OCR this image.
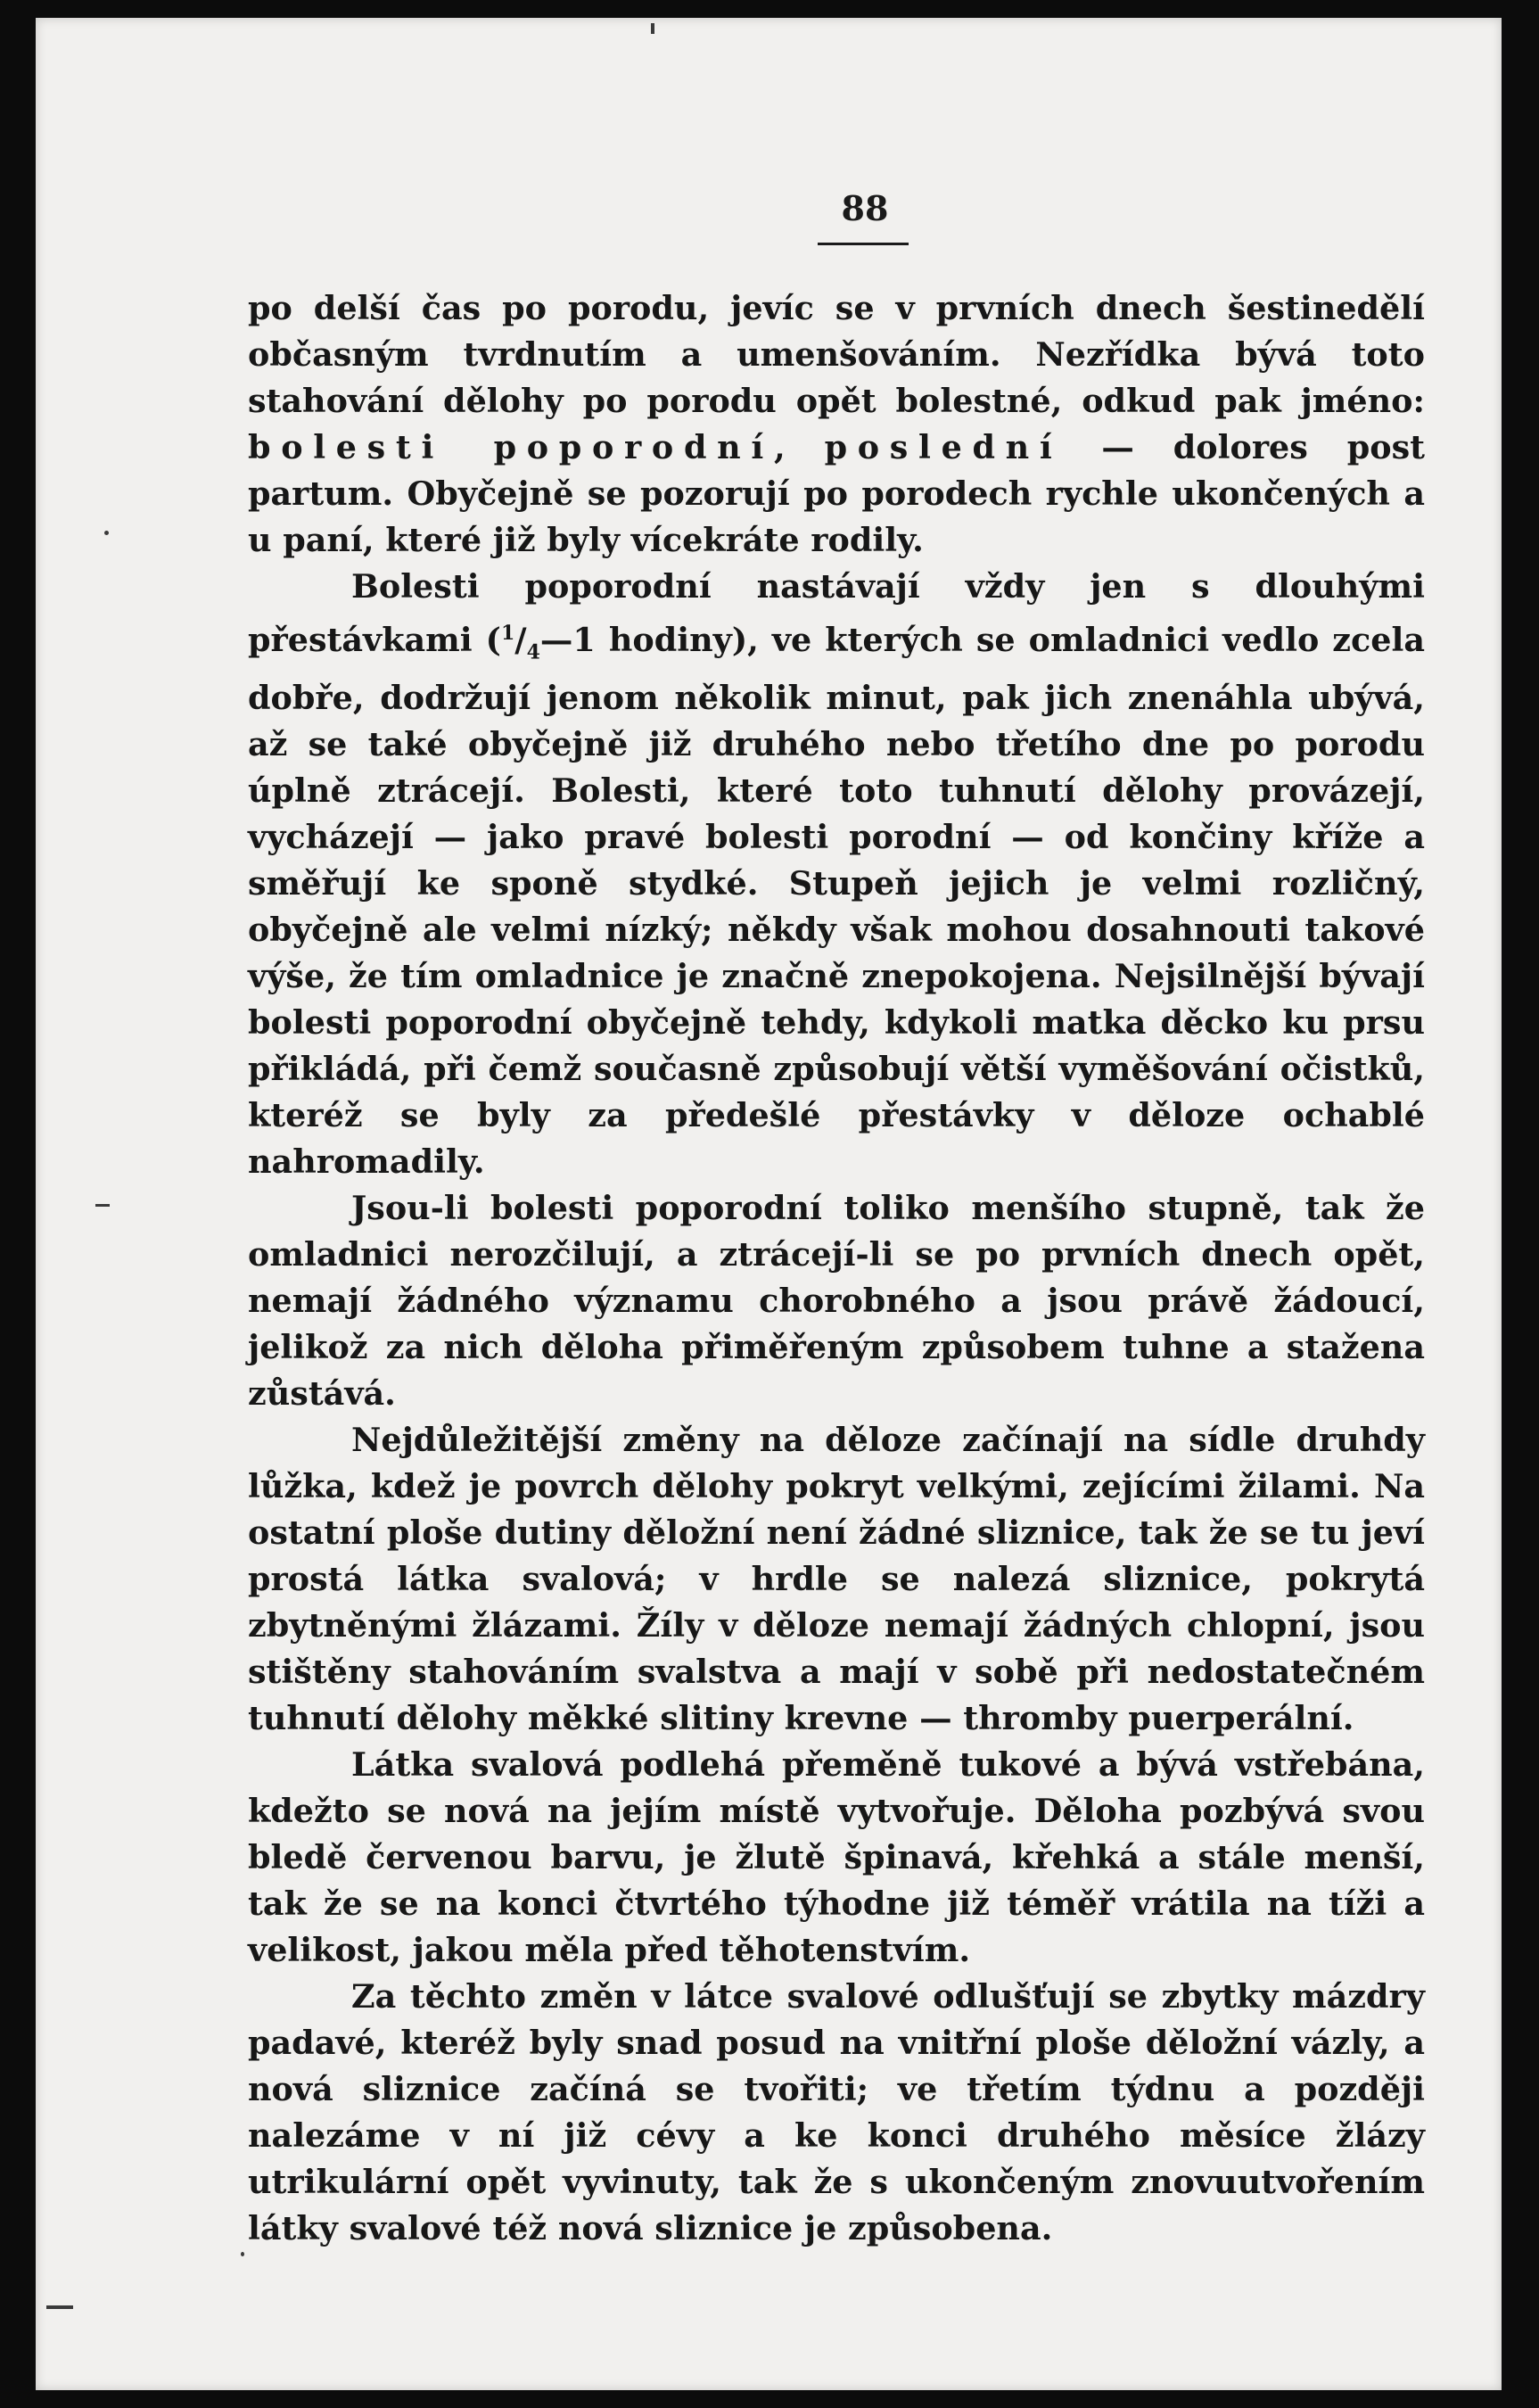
88

po delší čas po porodu, jevíc se v prvních dnech šestinedělí občasným tvrdnutím a umenšováním. Nezřídka bývá toto stahování dělohy po porodu opět bolestné, odkud pak jméno: bolesti poporodní, poslední — dolores post partum. Obyčejně se pozorují po porodech rychle ukončených a u paní, které již byly vícekráte rodily.

Bolesti poporodní nastávají vždy jen s dlouhými přestávkami ($^1/_4—1$ hodiny), ve kterých se omladnici vedlo zcela dobře, dodržují jenom několik minut, pak jich znenáhla ubývá, až se také obyčejně již druhého nebo třetího dne po porodu úplně ztrácejí. Bolesti, které toto tuhnutí dělohy provázejí, vycházejí — jako pravé bolesti porodní — od končiny kříže a směřují ke sponě stydké. Stupeň jejich je velmi rozličný, obyčejně ale velmi nízký; někdy však mohou dosahnouti takové výše, že tím omladnice je značně znepokojena. Nejsilnější bývají bolesti poporodní obyčejně tehdy, kdykoli matka děcko ku prsu přikládá, při čemž současně způsobují větší vyměšování očistků, kteréž se byly za předešlé přestávky v děloze ochablé nahromadily.

Jsou-li bolesti poporodní toliko menšího stupně, tak že omladnici nerozčilují, a ztrácejí-li se po prvních dnech opět, nemají žádného významu chorobného a jsou právě žádoucí, jelikož za nich děloha přiměřeným způsobem tuhne a stažena zůstává.

Nejdůležitější změny na děloze začínají na sídle druhdy lůžka, kdež je povrch dělohy pokryt velkými, zejícími žilami. Na ostatní ploše dutiny děložní není žádné sliznice, tak že se tu jeví prostá látka svalová; v hrdle se nalezá sliznice, pokrytá zbytněnými žlázami. Žíly v děloze nemají žádných chlopní, jsou stištěny stahováním svalstva a mají v sobě při nedostatečném tuhnutí dělohy měkké slitiny krevne — thromby puerperální.

Látka svalová podlehá přeměně tukové a bývá vstřebána, kdežto se nová na jejím místě vytvořuje. Děloha pozbývá svou bledě červenou barvu, je žlutě špinavá, křehká a stále menší, tak že se na konci čtvrtého týhodne již téměř vrátila na tíži a velikost, jakou měla před těhotenstvím.

Za těchto změn v látce svalové odlušťují se zbytky mázdry padavé, kteréž byly snad posud na vnitřní ploše děložní vázly, a nová sliznice začíná se tvořiti; ve třetím týdnu a později nalezáme v ní již cévy a ke konci druhého měsíce žlázy utrikulární opět vyvinuty, tak že s ukončeným znovuutvořením látky svalové též nová sliznice je způsobena.
